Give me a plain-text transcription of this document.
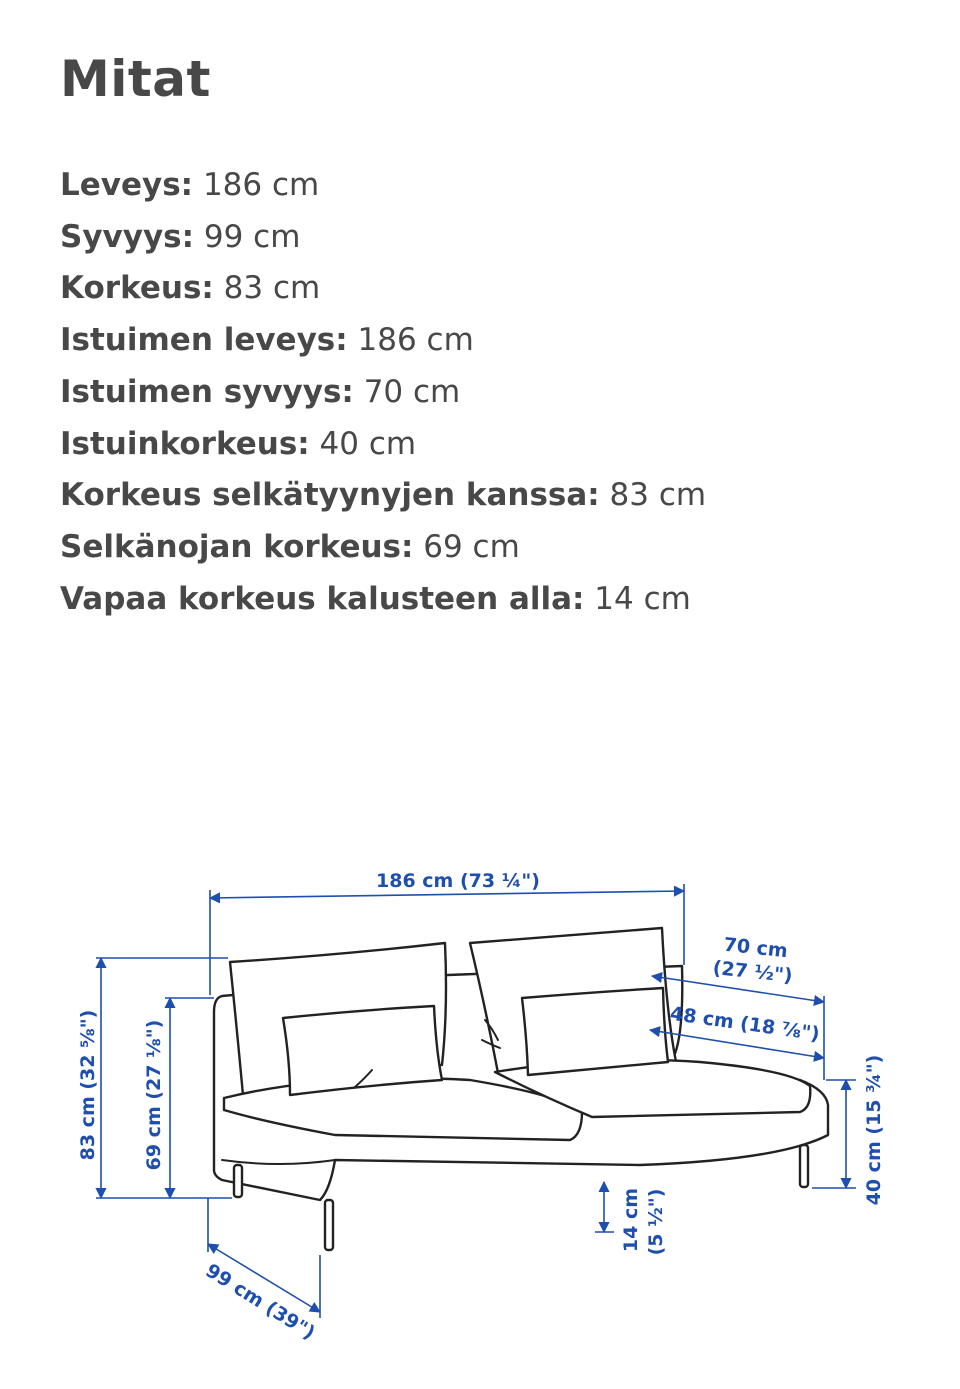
Mitat
Leveys: 186 cm
Syvyys: 99 cm
Korkeus: 83 cm
Istuimen leveys: 186 cm
Istuimen syvyys: 70 cm
Istuinkorkeus: 40 cm
Korkeus selkätyynyjen kanssa: 83 cm
Selkänojan korkeus: 69 cm
Vapaa korkeus kalusteen alla: 14 cm
186 cm (73 ¼")
70 cm
(27 ½")
48 cm (18 ⅞")
83 cm (32 ⅝") 69 cm (27 ⅛")	40 cm (15 ¾")
14 cm (5 ½")
99 cm (39")
